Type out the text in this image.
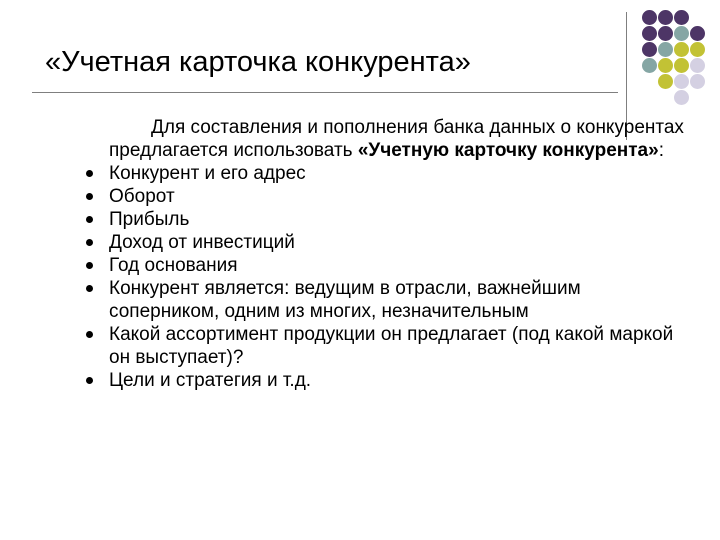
«Учетная карточка конкурента»

Для составления и пополнения банка данных о конкурентах предлагается использовать «Учетную карточку конкурента»:

Конкурент и его адрес
Оборот
Прибыль
Доход от инвестиций
Год основания
Конкурент является: ведущим в отрасли, важнейшим соперником, одним из многих, незначительным
Какой ассортимент продукции он предлагает (под какой маркой он выступает)?
Цели и стратегия и т.д.
